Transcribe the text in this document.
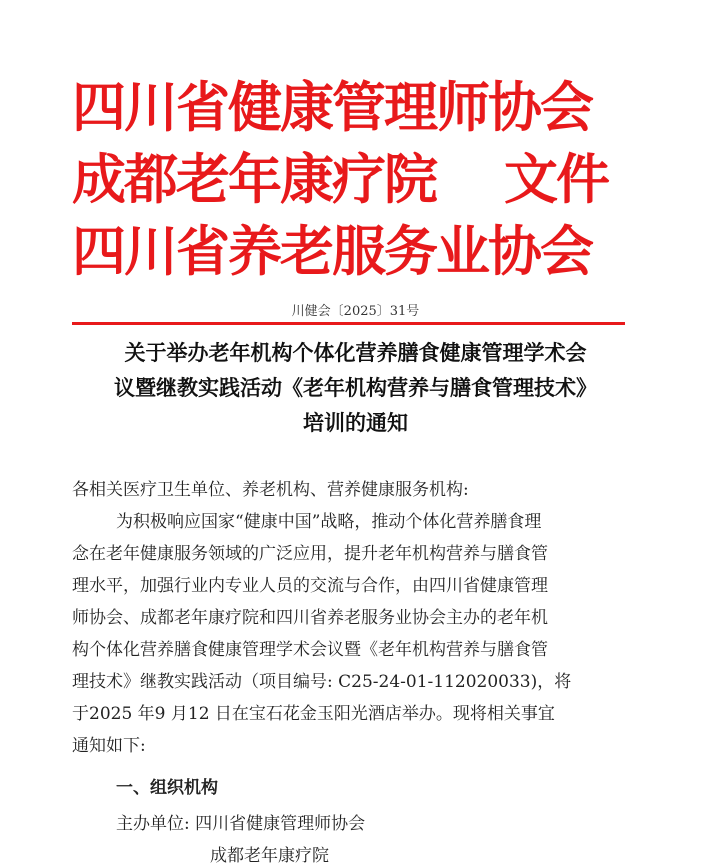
四川省健康管理师协会
成都老年康疗院 文件
四川省养老服务业协会
川健会〔2025〕31号
关于举办老年机构个体化营养膳食健康管理学术会
议暨继教实践活动《老年机构营养与膳食管理技术》
培训的通知

各相关医疗卫生单位、养老机构、营养健康服务机构:

为积极响应国家“健康中国”战略，推动个体化营养膳食理

念在老年健康服务领域的广泛应用，提升老年机构营养与膳食管

理水平，加强行业内专业人员的交流与合作，由四川省健康管理

师协会、成都老年康疗院和四川省养老服务业协会主办的老年机

构个体化营养膳食健康管理学术会议暨《老年机构营养与膳食管

理技术》继教实践活动（项目编号: C25-24-01-112020033)，将

于2025 年9 月12 日在宝石花金玉阳光酒店举办。现将相关事宜

通知如下:

一、组织机构

主办单位: 四川省健康管理师协会

成都老年康疗院
